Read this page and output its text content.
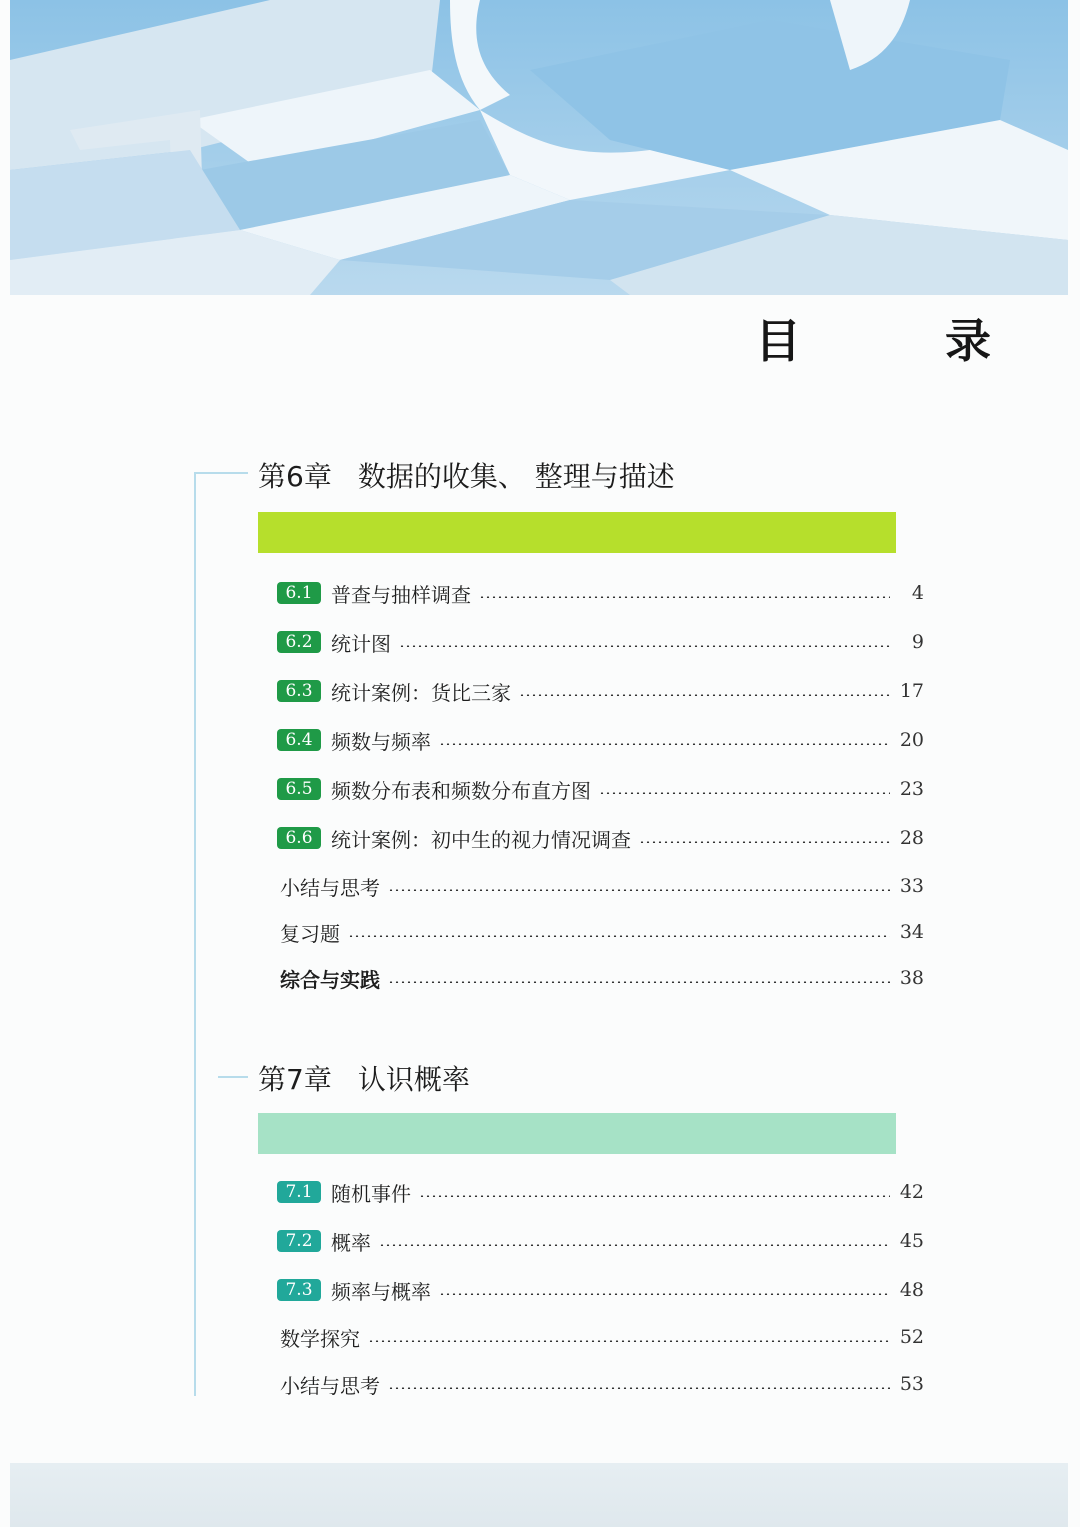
目 录
第6章 数据的收集、 整理与描述
6.1 普查与抽样调查	4
6.2 统计图	9
6.3 统计案例：货比三家	17
6.4 频数与频率	20
6.5 频数分布表和频数分布直方图	23
6.6 统计案例：初中生的视力情况调查	28
小结与思考	33
复习题	34
综合与实践	38
第7章 认识概率
7.1 随机事件	42
7.2 概率	45
7.3 频率与概率	48
数学探究	52
小结与思考	53
